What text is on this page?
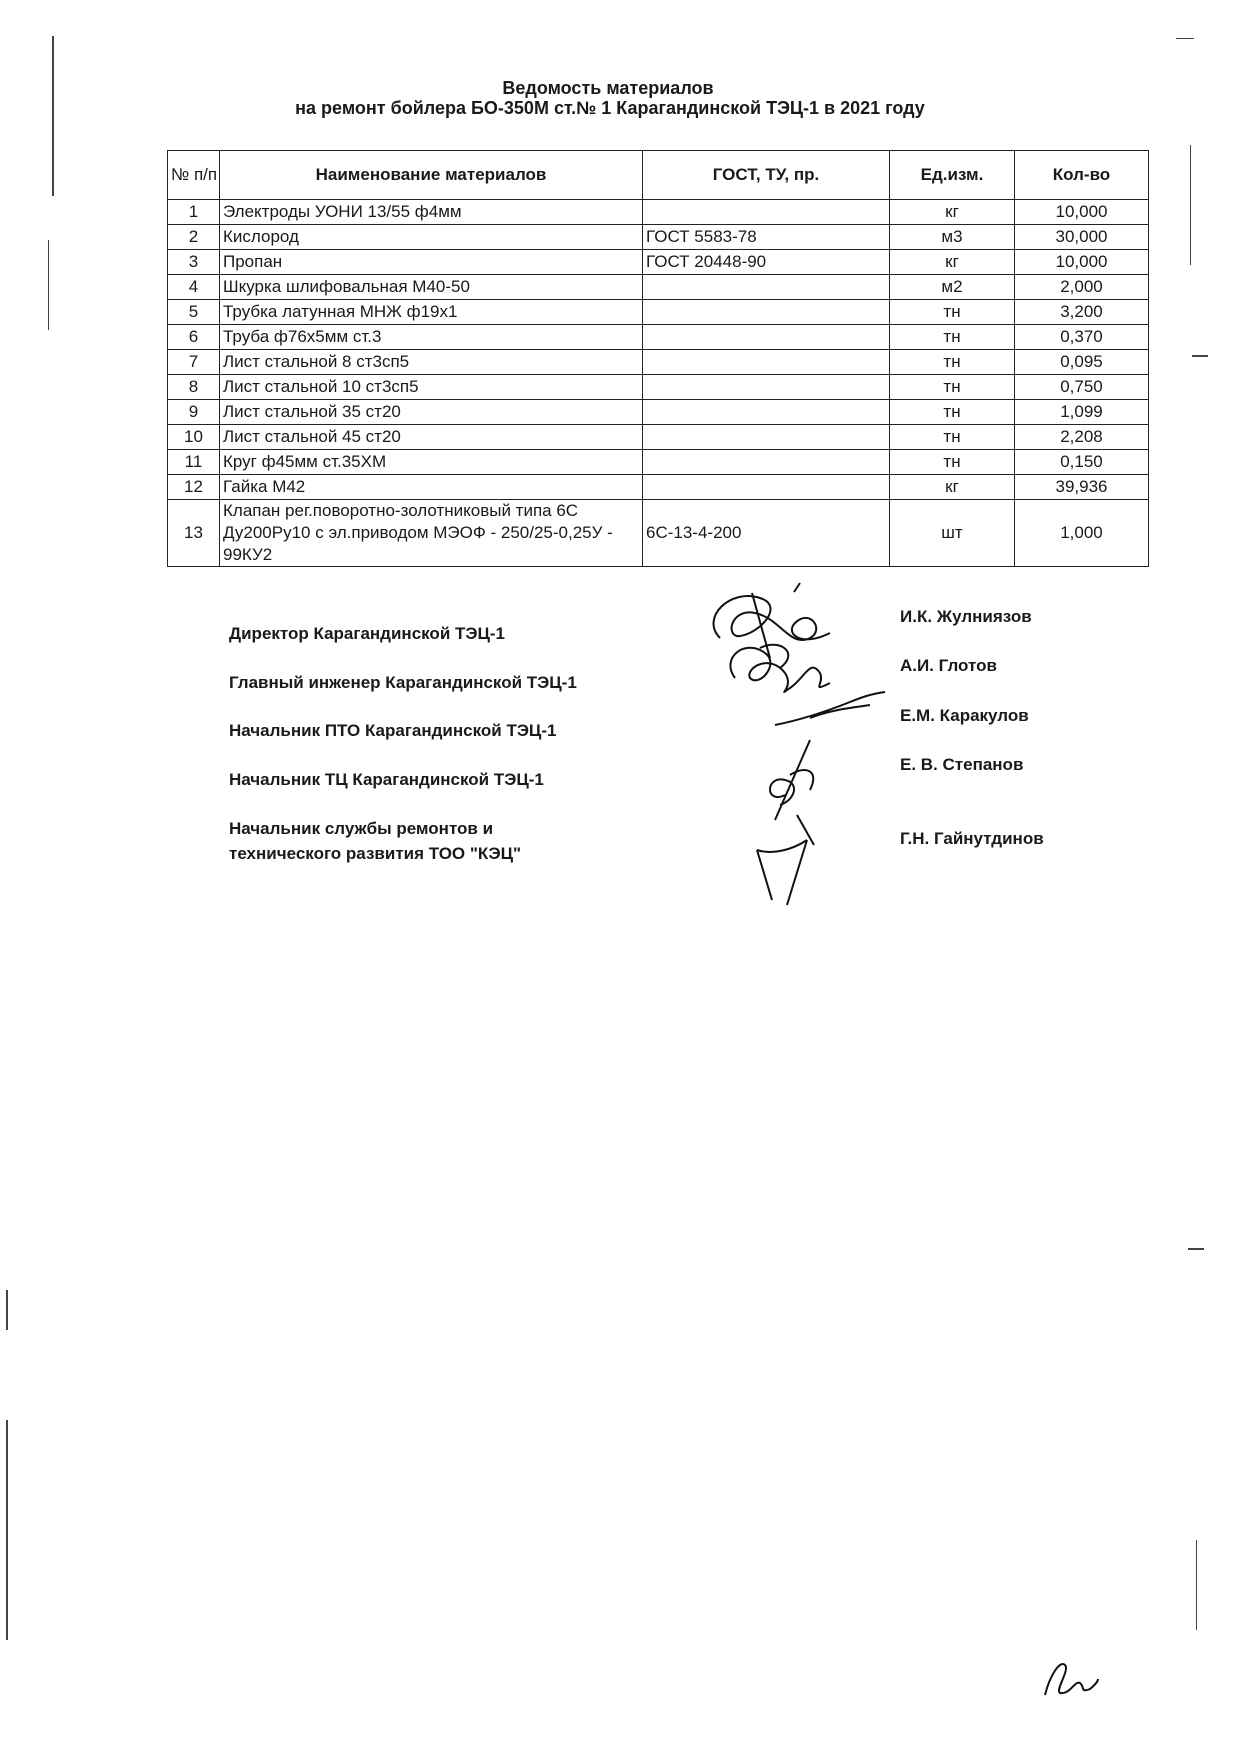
Ведомость материалов
на ремонт бойлера БО-350М ст.№ 1 Карагандинской ТЭЦ-1 в 2021 году
№ п/п	Наименование материалов	ГОСТ, ТУ, пр.	Ед.изм.	Кол-во
1	Электроды УОНИ 13/55 ф4мм		кг	10,000
2	Кислород	ГОСТ 5583-78	м3	30,000
3	Пропан	ГОСТ 20448-90	кг	10,000
4	Шкурка шлифовальная М40-50		м2	2,000
5	Трубка латунная МНЖ ф19х1		тн	3,200
6	Труба ф76х5мм ст.3		тн	0,370
7	Лист стальной 8 ст3сп5		тн	0,095
8	Лист стальной 10 ст3сп5		тн	0,750
9	Лист стальной 35 ст20		тн	1,099
10	Лист стальной 45 ст20		тн	2,208
11	Круг ф45мм ст.35ХМ		тн	0,150
12	Гайка М42		кг	39,936
13	Клапан рег.поворотно-золотниковый типа 6С Ду200Ру10 с эл.приводом МЭОФ - 250/25-0,25У - 99КУ2	6С-13-4-200	шт	1,000
Директор Карагандинской ТЭЦ-1
Главный инженер Карагандинской ТЭЦ-1
Начальник ПТО Карагандинской ТЭЦ-1
Начальник ТЦ Карагандинской ТЭЦ-1
Начальник службы ремонтов и
технического развития ТОО "КЭЦ"
И.К. Жулниязов
А.И. Глотов
Е.М. Каракулов
Е. В. Степанов
Г.Н. Гайнутдинов
